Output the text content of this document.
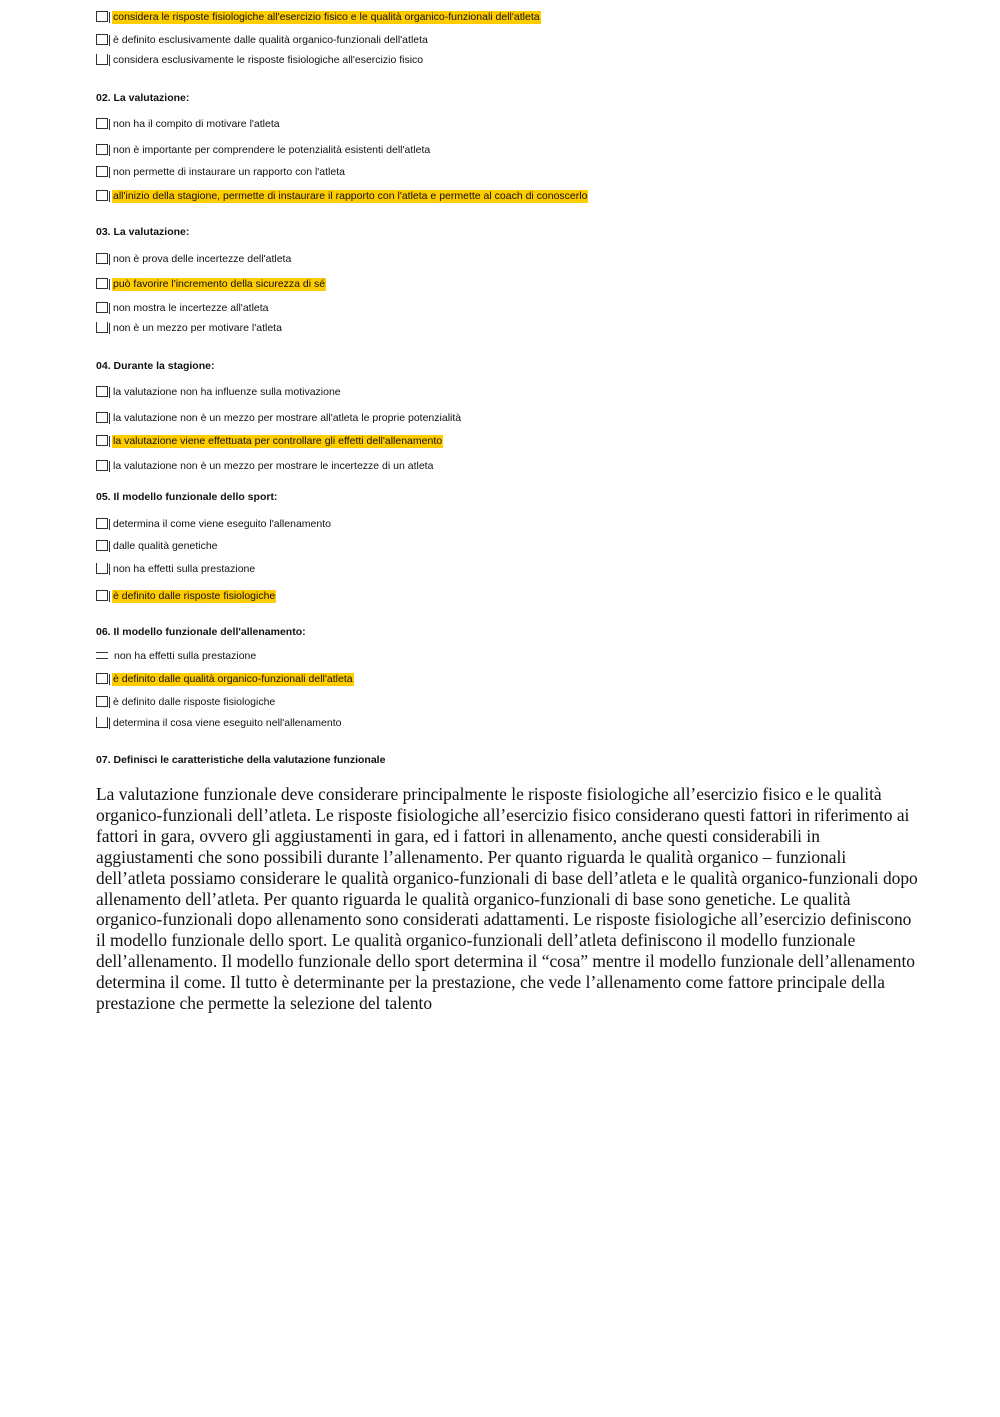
considera le risposte fisiologiche all'esercizio fisico e le qualità organico-funzionali dell'atleta
è definito esclusivamente dalle qualità organico-funzionali dell'atleta
considera esclusivamente le risposte fisiologiche all'esercizio fisico
02. La valutazione:
non ha il compito di motivare l'atleta
non è importante per comprendere le potenzialità esistenti dell'atleta
non permette di instaurare un rapporto con l'atleta
all'inizio della stagione, permette di instaurare il rapporto con l'atleta e permette al coach di conoscerlo
03. La valutazione:
non è prova delle incertezze dell'atleta
può favorire l'incremento della sicurezza di sé
non mostra le incertezze all'atleta
non è un mezzo per motivare l'atleta
04. Durante la stagione:
la valutazione non ha influenze sulla motivazione
la valutazione non è un mezzo per mostrare all'atleta le proprie potenzialità
la valutazione viene effettuata per controllare gli effetti dell'allenamento
la valutazione non è un mezzo per mostrare le incertezze di un atleta
05. Il modello funzionale dello sport:
determina il come viene eseguito l'allenamento
dalle qualità genetiche
non ha effetti sulla prestazione
è definito dalle risposte fisiologiche
06. Il modello funzionale dell'allenamento:
non ha effetti sulla prestazione
è definito dalle qualità organico-funzionali dell'atleta
è definito dalle risposte fisiologiche
determina il cosa viene eseguito nell'allenamento
07. Definisci le caratteristiche della valutazione funzionale
La valutazione funzionale deve considerare principalmente le risposte fisiologiche all’esercizio fisico e le qualità organico-funzionali dell’atleta. Le risposte fisiologiche all’esercizio fisico considerano questi fattori in riferimento ai fattori in gara, ovvero gli aggiustamenti in gara, ed i fattori in allenamento, anche questi considerabili in aggiustamenti che sono possibili durante l’allenamento. Per quanto riguarda le qualità organico – funzionali dell’atleta possiamo considerare le qualità organico-funzionali di base dell’atleta e le qualità organico-funzionali dopo allenamento dell’atleta. Per quanto riguarda le qualità organico-funzionali di base sono genetiche. Le qualità organico-funzionali dopo allenamento sono considerati adattamenti. Le risposte fisiologiche all’esercizio definiscono il modello funzionale dello sport. Le qualità organico-funzionali dell’atleta definiscono il modello funzionale dell’allenamento. Il modello funzionale dello sport determina il “cosa” mentre il modello funzionale dell’allenamento determina il come. Il tutto è determinante per la prestazione, che vede l’allenamento come fattore principale della prestazione che permette la selezione del talento
